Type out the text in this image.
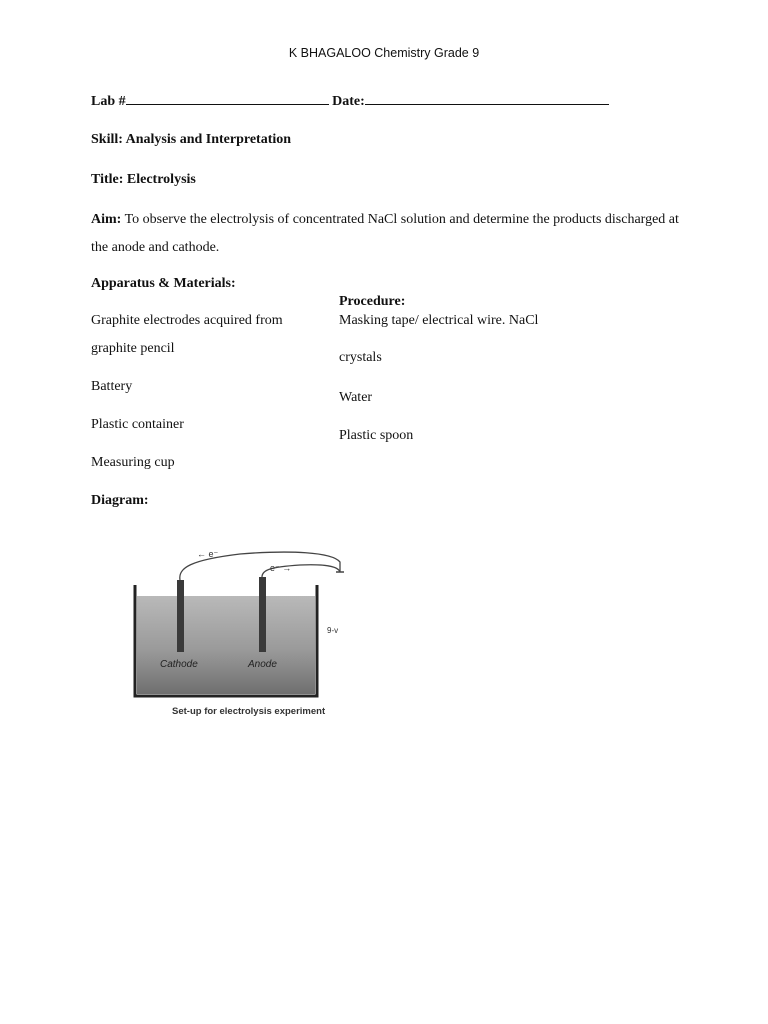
K BHAGALOO Chemistry Grade 9
Lab #	Date:
Skill: Analysis and Interpretation
Title: Electrolysis
Aim: To observe the electrolysis of concentrated NaCl solution and determine the products discharged at the anode and cathode.
Apparatus & Materials:
Procedure:
Graphite electrodes acquired from
graphite pencil
Battery
Plastic container
Measuring cup
Masking tape/ electrical wire. NaCl
crystals
Water
Plastic spoon
Diagram:
← e⁻
e⁻ →
9-v
Cathode	Anode
Set-up for electrolysis experiment
